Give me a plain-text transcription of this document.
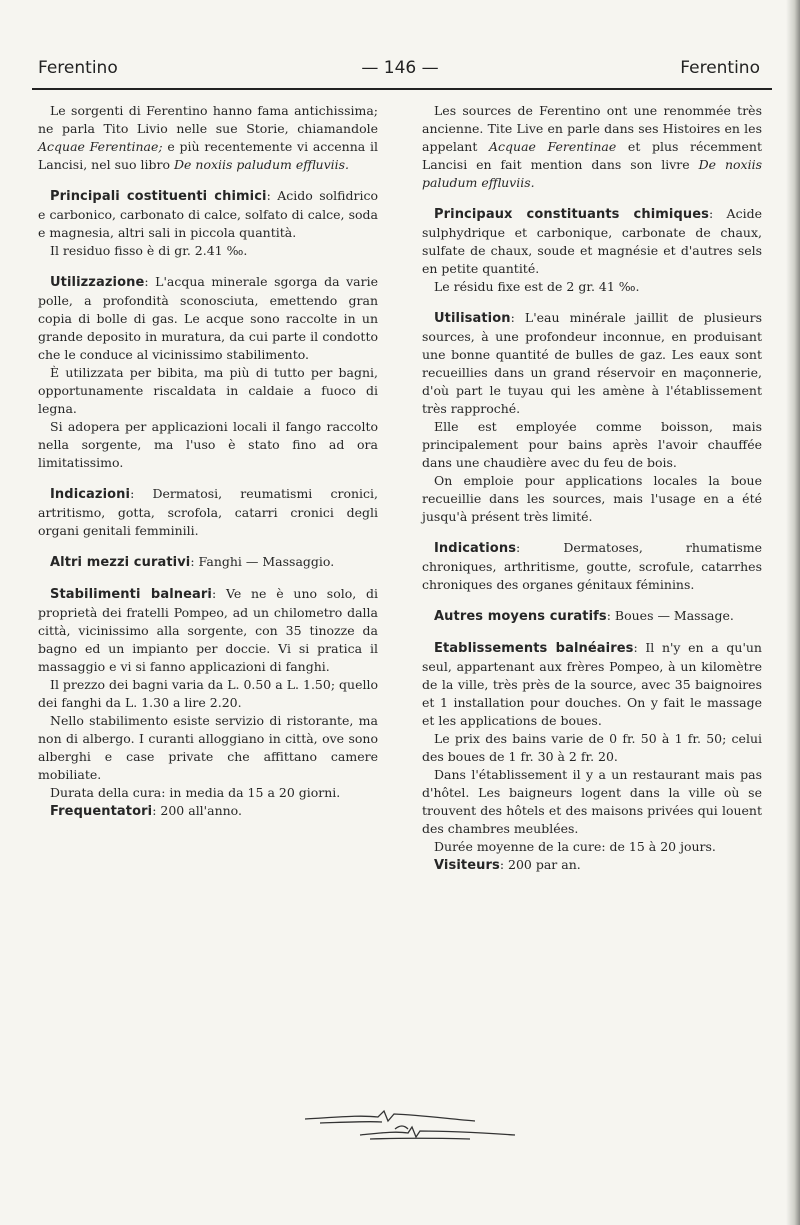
Ferentino	— 146 —	Ferentino

Le sorgenti di Ferentino hanno fama antichissima; ne parla Tito Livio nelle sue Storie, chiamandole Acquae Ferentinae; e più recentemente vi accenna il Lancisi, nel suo libro De noxiis paludum effluviis.

Principali costituenti chimici: Acido solfidrico e carbonico, carbonato di calce, solfato di calce, soda e magnesia, altri sali in piccola quantità.

Il residuo fisso è di gr. 2.41 ‰.

Utilizzazione: L'acqua minerale sgorga da varie polle, a profondità sconosciuta, emettendo gran copia di bolle di gas. Le acque sono raccolte in un grande deposito in muratura, da cui parte il condotto che le conduce al vicinissimo stabilimento.

È utilizzata per bibita, ma più di tutto per bagni, opportunamente riscaldata in caldaie a fuoco di legna.

Si adopera per applicazioni locali il fango raccolto nella sorgente, ma l'uso è stato fino ad ora limitatissimo.

Indicazioni: Dermatosi, reumatismi cronici, artritismo, gotta, scrofola, catarri cronici degli organi genitali femminili.

Altri mezzi curativi: Fanghi — Massaggio.

Stabilimenti balneari: Ve ne è uno solo, di proprietà dei fratelli Pompeo, ad un chilometro dalla città, vicinissimo alla sorgente, con 35 tinozze da bagno ed un impianto per doccie. Vi si pratica il massaggio e vi si fanno applicazioni di fanghi.

Il prezzo dei bagni varia da L. 0.50 a L. 1.50; quello dei fanghi da L. 1.30 a lire 2.20.

Nello stabilimento esiste servizio di ristorante, ma non di albergo. I curanti alloggiano in città, ove sono alberghi e case private che affittano camere mobiliate.

Durata della cura: in media da 15 a 20 giorni.

Frequentatori: 200 all'anno.

Les sources de Ferentino ont une renommée très ancienne. Tite Live en parle dans ses Histoires en les appelant Acquae Ferentinae et plus récemment Lancisi en fait mention dans son livre De noxiis paludum effluviis.

Principaux constituants chimiques: Acide sulphydrique et carbonique, carbonate de chaux, sulfate de chaux, soude et magnésie et d'autres sels en petite quantité.

Le résidu fixe est de 2 gr. 41 ‰.

Utilisation: L'eau minérale jaillit de plusieurs sources, à une profondeur inconnue, en produisant une bonne quantité de bulles de gaz. Les eaux sont recueillies dans un grand réservoir en maçonnerie, d'où part le tuyau qui les amène à l'établissement très rapproché.

Elle est employée comme boisson, mais principalement pour bains après l'avoir chauffée dans une chaudière avec du feu de bois.

On emploie pour applications locales la boue recueillie dans les sources, mais l'usage en a été jusqu'à présent très limité.

Indications: Dermatoses, rhumatisme chroniques, arthritisme, goutte, scrofule, catarrhes chroniques des organes génitaux féminins.

Autres moyens curatifs: Boues — Massage.

Etablissements balnéaires: Il n'y en a qu'un seul, appartenant aux frères Pompeo, à un kilomètre de la ville, très près de la source, avec 35 baignoires et 1 installation pour douches. On y fait le massage et les applications de boues.

Le prix des bains varie de 0 fr. 50 à 1 fr. 50; celui des boues de 1 fr. 30 à 2 fr. 20.

Dans l'établissement il y a un restaurant mais pas d'hôtel. Les baigneurs logent dans la ville où se trouvent des hôtels et des maisons privées qui louent des chambres meublées.

Durée moyenne de la cure: de 15 à 20 jours.

Visiteurs: 200 par an.
